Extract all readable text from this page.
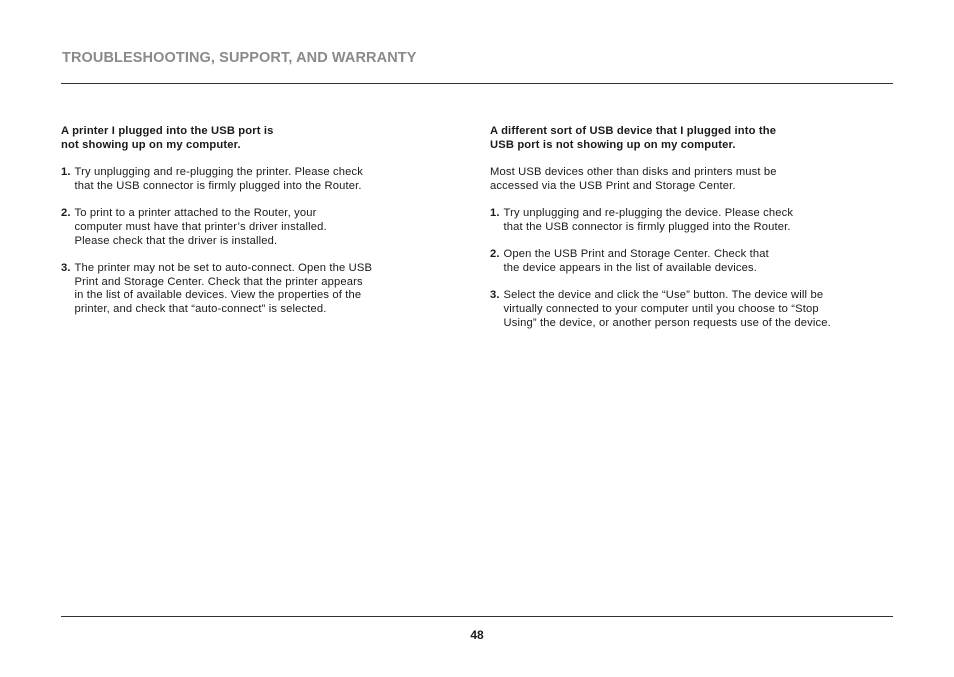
TROUBLESHOOTING, SUPPORT, AND WARRANTY
A printer I plugged into the USB port is
not showing up on my computer.
1. Try unplugging and re-plugging the printer. Please check
that the USB connector is firmly plugged into the Router.
2. To print to a printer attached to the Router, your
computer must have that printer’s driver installed.
Please check that the driver is installed.
3. The printer may not be set to auto-connect. Open the USB
Print and Storage Center. Check that the printer appears
in the list of available devices. View the properties of the
printer, and check that “auto-connect” is selected.
A different sort of USB device that I plugged into the
USB port is not showing up on my computer.
Most USB devices other than disks and printers must be
accessed via the USB Print and Storage Center.
1. Try unplugging and re-plugging the device. Please check
that the USB connector is firmly plugged into the Router.
2. Open the USB Print and Storage Center. Check that
the device appears in the list of available devices.
3. Select the device and click the “Use” button. The device will be
virtually connected to your computer until you choose to “Stop
Using” the device, or another person requests use of the device.
48
